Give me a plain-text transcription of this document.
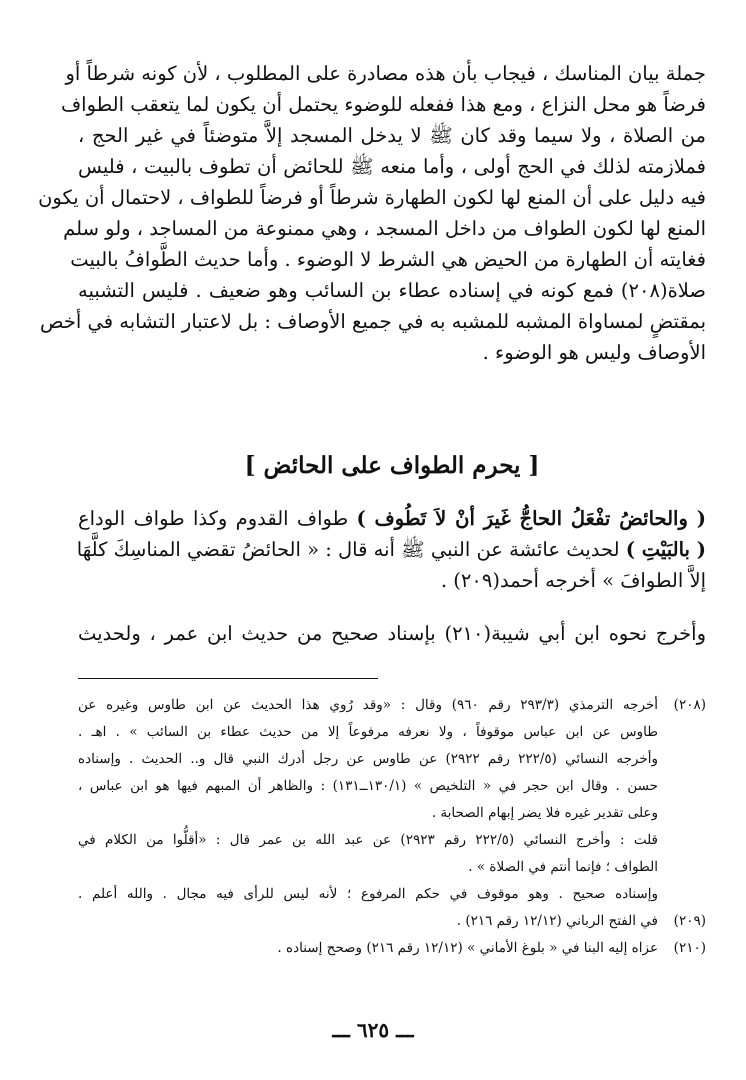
جملة بيان المناسك ، فيجاب بأن هذه مصادرة على المطلوب ، لأن كونه شرطاً أو
فرضاً هو محل النزاع ، ومع هذا ففعله للوضوء يحتمل أن يكون لما يتعقب الطواف
من الصلاة ، ولا سيما وقد كان ﷺ لا يدخل المسجد إلاَّ متوضئاً في غير الحج ،
فملازمته لذلك في الحج أولى ، وأما منعه ﷺ للحائض أن تطوف بالبيت ، فليس
فيه دليل على أن المنع لها لكون الطهارة شرطاً أو فرضاً للطواف ، لاحتمال أن يكون
المنع لها لكون الطواف من داخل المسجد ، وهي ممنوعة من المساجد ، ولو سلم
فغايته أن الطهارة من الحيض هي الشرط لا الوضوء . وأما حديث الطَّوافُ بالبيت
صلاة(٢٠٨) فمع كونه في إسناده عطاء بن السائب وهو ضعيف . فليس التشبيه
بمقتضٍ لمساواة المشبه للمشبه به في جميع الأوصاف : بل لاعتبار التشابه في أخص
الأوصاف وليس هو الوضوء .
[ يحرم الطواف على الحائض ]
( والحائضُ تفْعَلُ الحاجُّ غَيرَ أنْ لاَ تَطُوف ) طواف القدوم وكذا طواف الوداع
( بالبَيْتِ ) لحديث عائشة عن النبي ﷺ أنه قال : « الحائضُ تقضي المناسِكَ كلَّهَا
إلاَّ الطوافَ » أخرجه أحمد(٢٠٩) .
وأخرج نحوه ابن أبي شيبة(٢١٠) بإسناد صحيح من حديث ابن عمر ، ولحديث
(٢٠٨)
أخرجه الترمذي (٢٩٣/٣ رقم ٩٦٠) وقال : «وقد رُوي هذا الحديث عن ابن طاوس وغيره عن
طاوس عن ابن عباس موقوفاً ، ولا نعرفه مرفوعاً إلا من حديث عطاء بن السائب » . اهـ .
وأخرجه النسائي (٢٢٢/٥ رقم ٢٩٢٢) عن طاوس عن رجل أدرك النبي قال و.. الحديث . وإسناده
حسن . وقال ابن حجر في « التلخيص » (١٣٠/١ــ١٣١) : والظاهر أن المبهم فيها هو ابن عباس ،
وعلى تقدير غيره فلا يضر إبهام الصحابة .
قلت : وأخرج النسائي (٢٢٢/٥ رقم ٢٩٢٣) عن عبد الله بن عمر قال : «أقلُّوا من الكلام في
الطواف ؛ فإنما أنتم في الصلاة » .
وإسناده صحيح . وهو موقوف في حكم المرفوع ؛ لأنه ليس للرأى فيه مجال . والله أعلم .
(٢٠٩)
في الفتح الرباني (١٢/١٢ رقم ٢١٦) .
(٢١٠)
عزاه إليه البنا في « بلوغ الأماني » (١٢/١٢ رقم ٢١٦) وصحح إسناده .
ـــ ٦٢٥ ـــ
